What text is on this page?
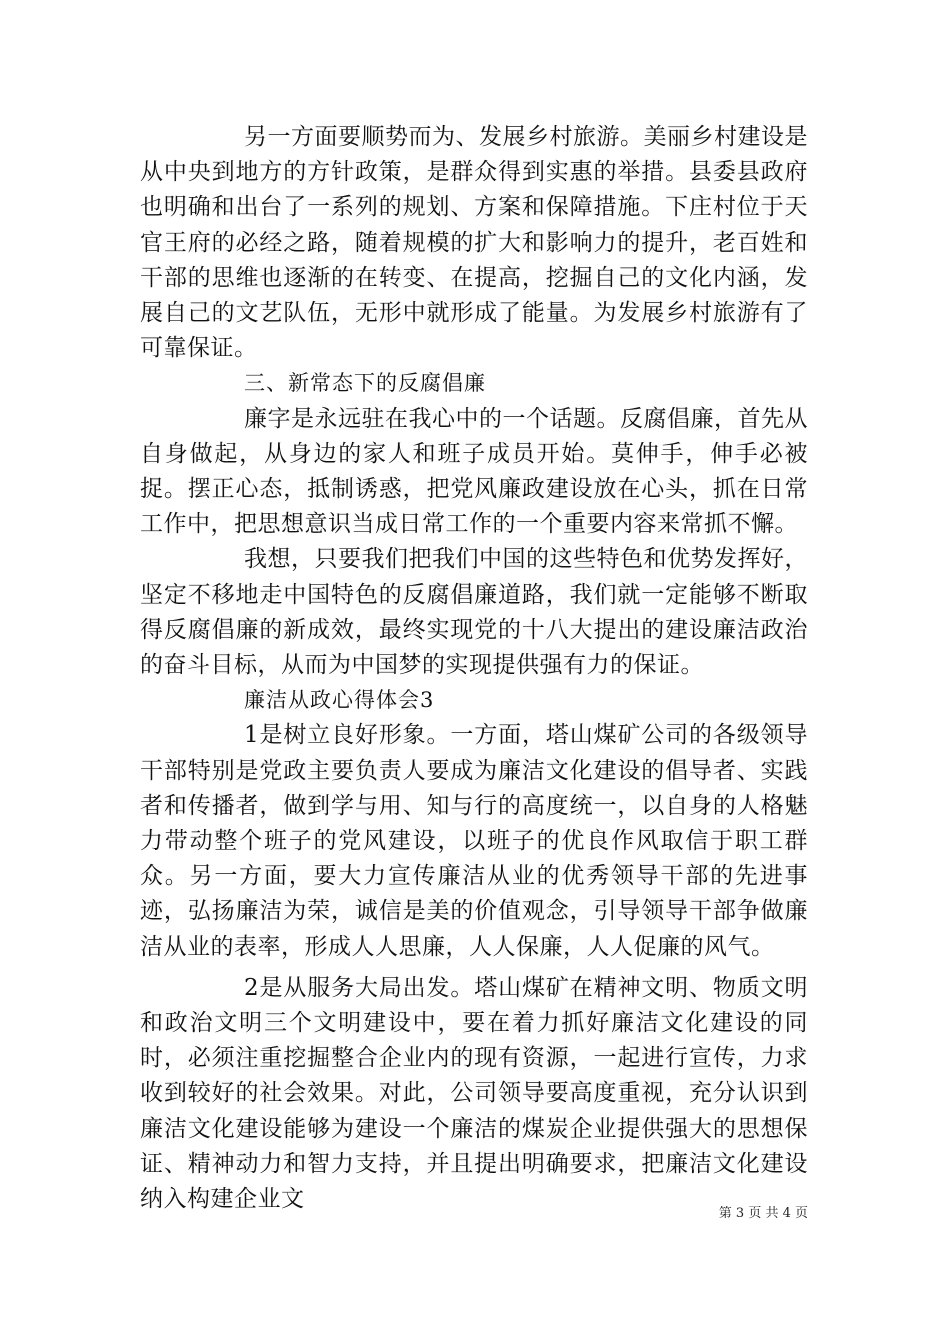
另一方面要顺势而为、发展乡村旅游。美丽乡村建设是从中央到地方的方针政策，是群众得到实惠的举措。县委县政府也明确和出台了一系列的规划、方案和保障措施。下庄村位于天官王府的必经之路，随着规模的扩大和影响力的提升，老百姓和干部的思维也逐渐的在转变、在提高，挖掘自己的文化内涵，发展自己的文艺队伍，无形中就形成了能量。为发展乡村旅游有了可靠保证。

三、新常态下的反腐倡廉

廉字是永远驻在我心中的一个话题。反腐倡廉，首先从自身做起，从身边的家人和班子成员开始。莫伸手，伸手必被捉。摆正心态，抵制诱惑，把党风廉政建设放在心头，抓在日常工作中，把思想意识当成日常工作的一个重要内容来常抓不懈。

我想，只要我们把我们中国的这些特色和优势发挥好，坚定不移地走中国特色的反腐倡廉道路，我们就一定能够不断取得反腐倡廉的新成效，最终实现党的十八大提出的建设廉洁政治的奋斗目标，从而为中国梦的实现提供强有力的保证。

廉洁从政心得体会3

1是树立良好形象。一方面，塔山煤矿公司的各级领导干部特别是党政主要负责人要成为廉洁文化建设的倡导者、实践者和传播者，做到学与用、知与行的高度统一，以自身的人格魅力带动整个班子的党风建设，以班子的优良作风取信于职工群众。另一方面，要大力宣传廉洁从业的优秀领导干部的先进事迹，弘扬廉洁为荣，诚信是美的价值观念，引导领导干部争做廉洁从业的表率，形成人人思廉，人人保廉，人人促廉的风气。

2是从服务大局出发。塔山煤矿在精神文明、物质文明和政治文明三个文明建设中，要在着力抓好廉洁文化建设的同时，必须注重挖掘整合企业内的现有资源，一起进行宣传，力求收到较好的社会效果。对此，公司领导要高度重视，充分认识到廉洁文化建设能够为建设一个廉洁的煤炭企业提供强大的思想保证、精神动力和智力支持，并且提出明确要求，把廉洁文化建设纳入构建企业文

第 3 页 共 4 页
